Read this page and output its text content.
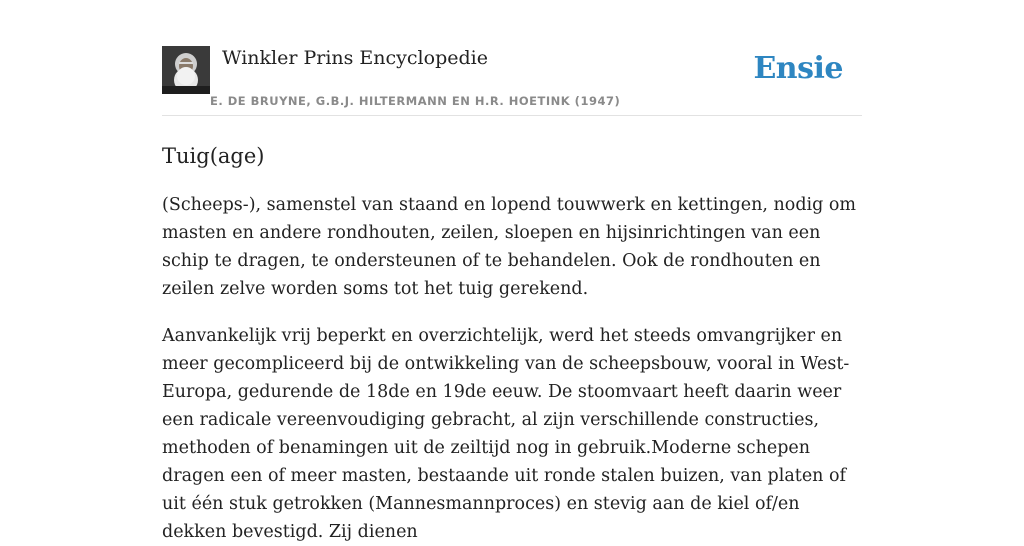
Winkler Prins Encyclopedie
E. DE BRUYNE, G.B.J. HILTERMANN EN H.R. HOETINK (1947)
Ensie
Tuig(age)

(Scheeps-), samenstel van staand en lopend touwwerk en kettingen, nodig om masten en andere rondhouten, zeilen, sloepen en hijsinrichtingen van een schip te dragen, te ondersteunen of te behandelen. Ook de rondhouten en zeilen zelve worden soms tot het tuig gerekend.

Aanvankelijk vrij beperkt en overzichtelijk, werd het steeds omvangrijker en meer gecompliceerd bij de ontwikkeling van de scheepsbouw, vooral in West-Europa, gedurende de 18de en 19de eeuw. De stoomvaart heeft daarin weer een radicale vereenvoudiging gebracht, al zijn verschillende constructies, methoden of benamingen uit de zeiltijd nog in gebruik.Moderne schepen dragen een of meer masten, bestaande uit ronde stalen buizen, van platen of uit één stuk getrokken (Mannesmannproces) en stevig aan de kiel of/en dekken bevestigd. Zij dienen
